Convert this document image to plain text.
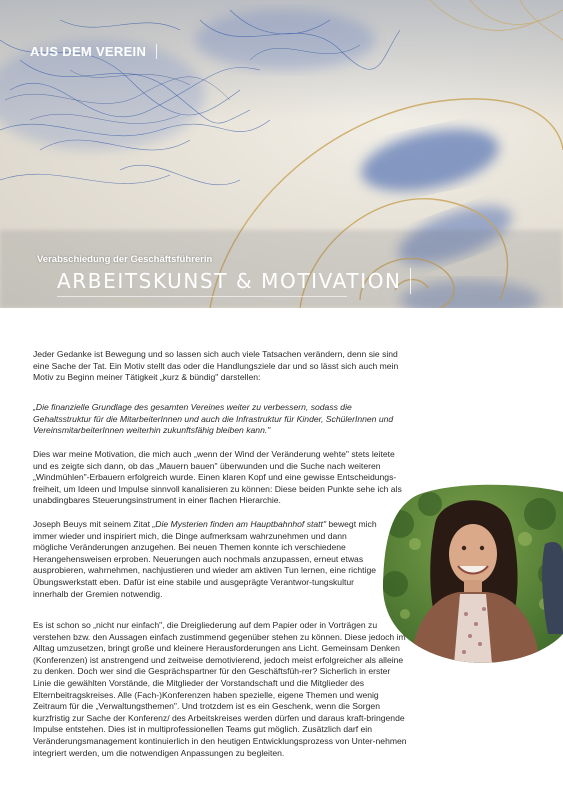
AUS DEM VEREIN
Verabschiedung der Geschäftsführerin
ARBEITSKUNST & MOTIVATION

Jeder Gedanke ist Bewegung und so lassen sich auch viele Tatsachen verändern, denn sie sind eine Sache der Tat. Ein Motiv stellt das oder die Handlungsziele dar und so lässt sich auch mein Motiv zu Beginn meiner Tätigkeit „kurz & bündig" darstellen:

„Die finanzielle Grundlage des gesamten Vereines weiter zu verbessern, sodass die Gehaltsstruktur für die MitarbeiterInnen und auch die Infrastruktur für Kinder, SchülerInnen und VereinsmitarbeiterInnen weiterhin zukunftsfähig bleiben kann."

Dies war meine Motivation, die mich auch „wenn der Wind der Veränderung wehte" stets leitete und es zeigte sich dann, ob das „Mauern bauen" überwunden und die Suche nach weiteren „Windmühlen"-Erbauern erfolgreich wurde. Einen klaren Kopf und eine gewisse Entscheidungs-freiheit, um Ideen und Impulse sinnvoll kanalisieren zu können: Diese beiden Punkte sehe ich als unabdingbares Steuerungsinstrument in einer flachen Hierarchie.

Joseph Beuys mit seinem Zitat „Die Mysterien finden am Hauptbahnhof statt" bewegt mich immer wieder und inspiriert mich, die Dinge aufmerksam wahrzunehmen und dann mögliche Veränderungen anzugehen. Bei neuen Themen konnte ich verschiedene Herangehensweisen erproben. Neuerungen auch nochmals anzupassen, erneut etwas ausprobieren, wahrnehmen, nachjustieren und wieder am aktiven Tun lernen, eine richtige Übungswerkstatt eben. Dafür ist eine stabile und ausgeprägte Verantwor-tungskultur innerhalb der Gremien notwendig.

Es ist schon so „nicht nur einfach", die Dreigliederung auf dem Papier oder in Vorträgen zu verstehen bzw. den Aussagen einfach zustimmend gegenüber stehen zu können. Diese jedoch im Alltag umzusetzen, bringt große und kleinere Herausforderungen ans Licht. Gemeinsam Denken (Konferenzen) ist anstrengend und zeitweise demotivierend, jedoch meist erfolgreicher als alleine zu denken. Doch wer sind die Gesprächspartner für den Geschäftsfüh-rer? Sicherlich in erster Linie die gewählten Vorstände, die Mitglieder der Vorstandschaft und die Mitglieder des Elternbeitragskreises. Alle (Fach-)Konferenzen haben spezielle, eigene Themen und wenig Zeitraum für die „Verwaltungsthemen". Und trotzdem ist es ein Geschenk, wenn die Sorgen kurzfristig zur Sache der Konferenz/ des Arbeitskreises werden dürfen und daraus kraft-bringende Impulse entstehen. Dies ist in multiprofessionellen Teams gut möglich. Zusätzlich darf ein Veränderungsmanagement kontinuierlich in den heutigen Entwicklungsprozess von Unter-nehmen integriert werden, um die notwendigen Anpassungen zu begleiten.
